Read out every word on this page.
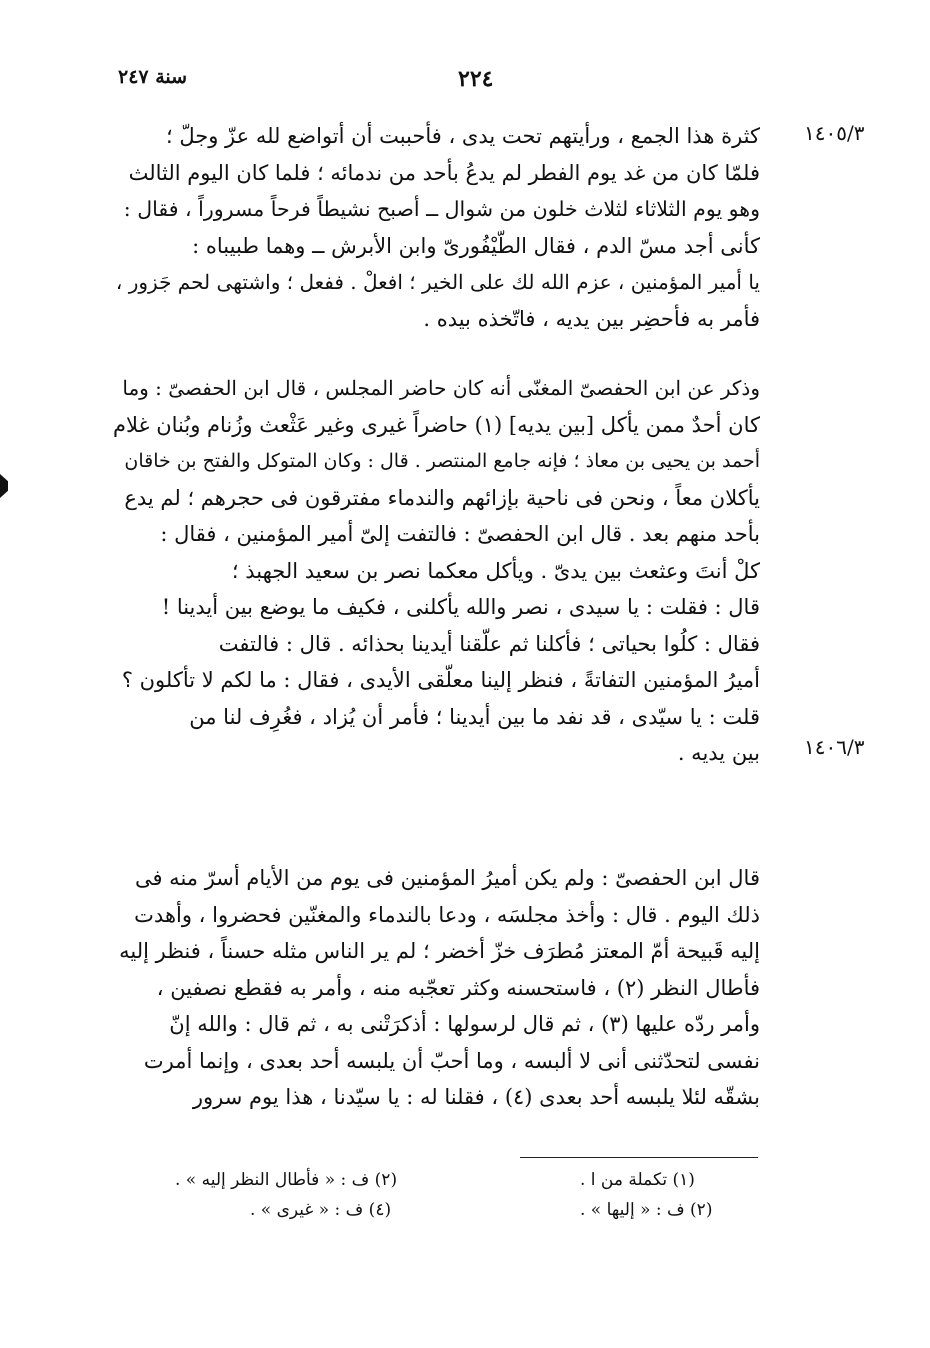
٢٢٤
سنة ٢٤٧
١٤٠٥/٣
١٤٠٦/٣
كثرة هذا الجمع ، ورأيتهم تحت يدى ، فأحببت أن أتواضع لله عزّ وجلّ ؛
فلمّا كان من غد يوم الفطر لم يدعُ بأحد من ندمائه ؛ فلما كان اليوم الثالث
وهو يوم الثلاثاء لثلاث خلون من شوال ــ أصبح نشيطاً فرحاً مسروراً ، فقال :
كأنى أجد مسّ الدم ، فقال الطّيْفُورىّ وابن الأبرش ــ وهما طبيباه :
يا أمير المؤمنين ، عزم الله لك على الخير ؛ افعلْ . ففعل ؛ واشتهى لحم جَزور ،
فأمر به فأحضِر بين يديه ، فاتّخذه بيده .
وذكر عن ابن الحفصىّ المغنّى أنه كان حاضر المجلس ، قال ابن الحفصىّ : وما
كان أحدٌ ممن يأكل [بين يديه] (١) حاضراً غيرى وغير عَثْعث وزُنام وبُنان غلام
أحمد بن يحيى بن معاذ ؛ فإنه جامع المنتصر . قال : وكان المتوكل والفتح بن خاقان
يأكلان معاً ، ونحن فى ناحية بإزائهم والندماء مفترقون فى حجرهم ؛ لم يدع
بأحد منهم بعد . قال ابن الحفصىّ : فالتفت إلىّ أمير المؤمنين ، فقال :
كلْ أنتَ وعثعث بين يدىّ . ويأكل معكما نصر بن سعيد الجهبذ ؛
قال : فقلت : يا سيدى ، نصر والله يأكلنى ، فكيف ما يوضع بين أيدينا !
فقال : كلُوا بحياتى ؛ فأكلنا ثم علّقنا أيدينا بحذائه . قال : فالتفت
أميرُ المؤمنين التفاتةً ، فنظر إلينا معلّقى الأيدى ، فقال : ما لكم لا تأكلون ؟
قلت : يا سيّدى ، قد نفد ما بين أيدينا ؛ فأمر أن يُزاد ، فغُرِف لنا من
بين يديه .
قال ابن الحفصىّ : ولم يكن أميرُ المؤمنين فى يوم من الأيام أسرّ منه فى
ذلك اليوم . قال : وأخذ مجلسَه ، ودعا بالندماء والمغنّين فحضروا ، وأهدت
إليه قَبيحة أمّ المعتز مُطرَف خزّ أخضر ؛ لم ير الناس مثله حسناً ، فنظر إليه
فأطال النظر (٢) ، فاستحسنه وكثر تعجّبه منه ، وأمر به فقطع نصفين ،
وأمر ردّه عليها (٣) ، ثم قال لرسولها : أذكرَتْنى به ، ثم قال : والله إنّ
نفسى لتحدّثنى أنى لا ألبسه ، وما أحبّ أن يلبسه أحد بعدى ، وإنما أمرت
بشقّه لئلا يلبسه أحد بعدى (٤) ، فقلنا له : يا سيّدنا ، هذا يوم سرور
(١) تكملة من ا .
(٢) ف : « إليها » .
(٢) ف : « فأطال النظر إليه » .
(٤) ف : « غيرى » .
